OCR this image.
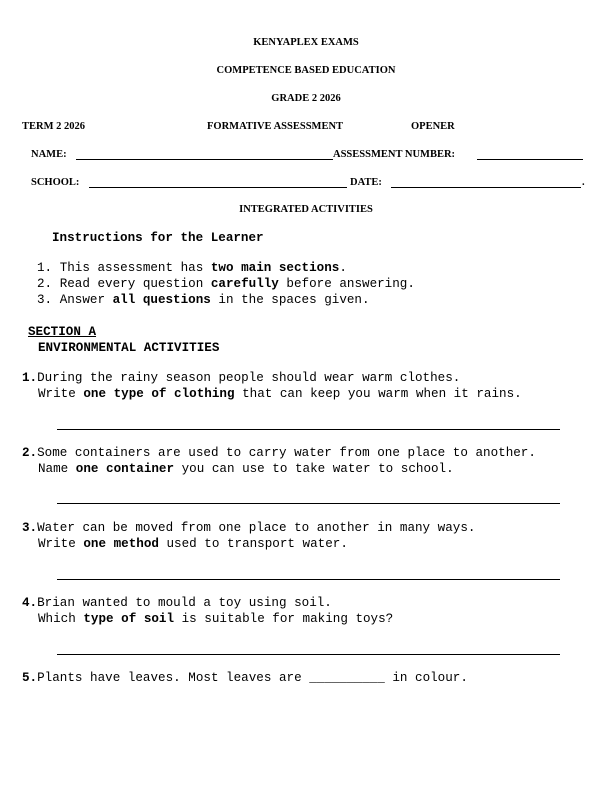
KENYAPLEX EXAMS
COMPETENCE BASED EDUCATION
GRADE 2 2026
TERM 2 2026	FORMATIVE ASSESSMENT	OPENER
NAME:	ASSESSMENT NUMBER:
SCHOOL:	DATE:	.
INTEGRATED ACTIVITIES
Instructions for the Learner
1. This assessment has two main sections.
2. Read every question carefully before answering.
3. Answer all questions in the spaces given.
SECTION A
ENVIRONMENTAL ACTIVITIES
1.During the rainy season people should wear warm clothes.
Write one type of clothing that can keep you warm when it rains.
2.Some containers are used to carry water from one place to another.
Name one container you can use to take water to school.
3.Water can be moved from one place to another in many ways.
Write one method used to transport water.
4.Brian wanted to mould a toy using soil.
Which type of soil is suitable for making toys?
5.Plants have leaves. Most leaves are __________ in colour.
